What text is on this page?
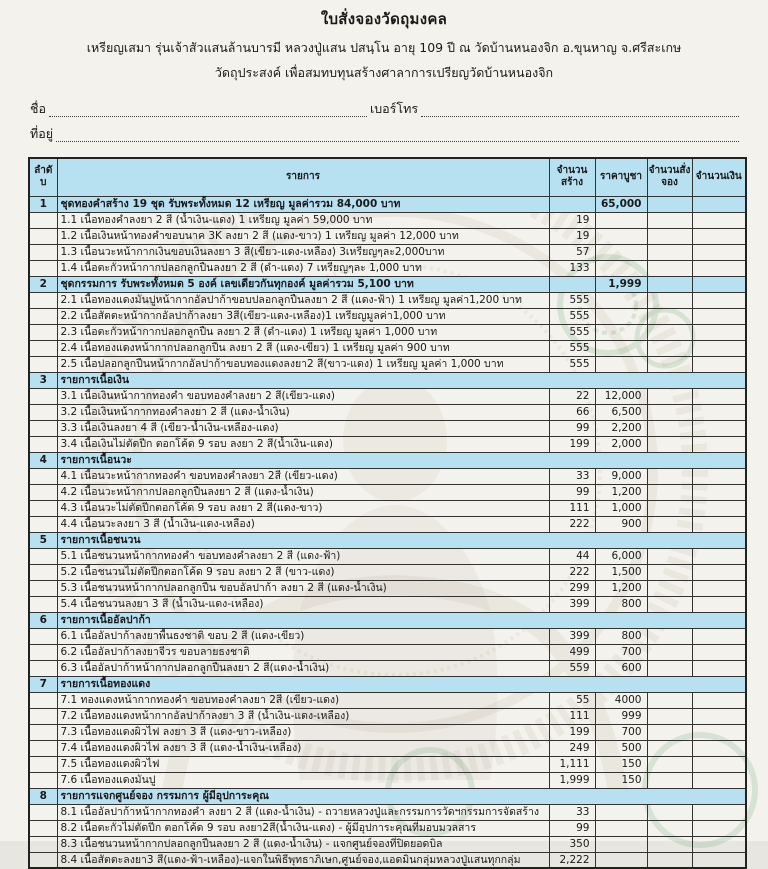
ใบสั่งจองวัดถุมงคล
เหรียญเสมา รุ่นเจ้าสัวแสนล้านบารมี หลวงปู่แสน ปสนฺโน อายุ 109 ปี ณ วัดบ้านหนองจิก อ.ขุนหาญ จ.ศรีสะเกษ
วัดถุประสงค์ เพื่อสมทบทุนสร้างศาลาการเปรียญวัดบ้านหนองจิก
ชื่อ	เบอร์โทร
ที่อยู่
ลำดับ	รายการ	จำนวนสร้าง	ราคาบูชา	จำนวนสั่งจอง	จำนวนเงิน
1	ชุดทองคำสร้าง 19 ชุด รับพระทั้งหมด 12 เหรียญ มูลค่ารวม 84,000 บาท		65,000		
	1.1 เนื้อทองคำลงยา 2 สี (น้ำเงิน-แดง) 1 เหรียญ มูลค่า 59,000 บาท	19			
	1.2 เนื้อเงินหน้าทองคำขอบนาค 3K ลงยา 2 สี (แดง-ขาว) 1 เหรียญ มูลค่า 12,000 บาท	19			
	1.3 เนื้อนวะหน้ากากเงินขอบเงินลงยา 3 สี(เขียว-แดง-เหลือง) 3เหรียญๆละ2,000บาท	57			
	1.4 เนื้อตะกั่วหน้ากากปลอกลูกปืนลงยา 2 สี (ดำ-แดง) 7 เหรียญๆละ 1,000 บาท	133			
2	ชุดกรรมการ รับพระทั้งหมด 5 องค์ เลขเดียวกันทุกองค์ มูลค่ารวม 5,100 บาท		1,999		
	2.1 เนื้อทองแดงมันปูหน้ากากอัลปาก้าขอบปลอกลูกปืนลงยา 2 สี (แดง-ฟ้า) 1 เหรียญ มูลค่า1,200 บาท	555			
	2.2 เนื้อสัตตะหน้ากากอัลปาก้าลงยา 3สี(เขียว-แดง-เหลือง)1 เหรียญมูลค่า1,000 บาท	555			
	2.3 เนื้อตะกั่วหน้ากากปลอกลูกปืน ลงยา 2 สี (ดำ-แดง) 1 เหรียญ มูลค่า 1,000 บาท	555			
	2.4 เนื้อทองแดงหน้ากากปลอกลูกปืน ลงยา 2 สี (แดง-เขียว) 1 เหรียญ มูลค่า 900 บาท	555			
	2.5 เนื้อปลอกลูกปืนหน้ากากอัลปาก้าขอบทองแดงลงยา2 สี(ขาว-แดง) 1 เหรียญ มูลค่า 1,000 บาท	555			
3	รายการเนื้อเงิน				
	3.1 เนื้อเงินหน้ากากทองคำ ขอบทองคำลงยา 2 สี(เขียว-แดง)	22	12,000		
	3.2 เนื้อเงินหน้ากากทองคำลงยา 2 สี (แดง-น้ำเงิน)	66	6,500		
	3.3 เนื้อเงินลงยา 4 สี (เขียว-น้ำเงิน-เหลือง-แดง)	99	2,200		
	3.4 เนื้อเงินไม่ตัดปีก ตอกโค้ด 9 รอบ ลงยา 2 สี(น้ำเงิน-แดง)	199	2,000		
4	รายการเนื้อนวะ				
	4.1 เนื้อนวะหน้ากากทองคำ ขอบทองคำลงยา 2สี (เขียว-แดง)	33	9,000		
	4.2 เนื้อนวะหน้ากากปลอกลูกปืนลงยา 2 สี (แดง-น้ำเงิน)	99	1,200		
	4.3 เนื้อนวะไม่ตัดปีกตอกโค้ด 9 รอบ ลงยา 2 สี(แดง-ขาว)	111	1,000		
	4.4 เนื้อนวะลงยา 3 สี (น้ำเงิน-แดง-เหลือง)	222	900		
5	รายการเนื้อชนวน				
	5.1 เนื้อชนวนหน้ากากทองคำ ขอบทองคำลงยา 2 สี (แดง-ฟ้า)	44	6,000		
	5.2 เนื้อชนวนไม่ตัดปีกตอกโค้ด 9 รอบ ลงยา 2 สี (ขาว-แดง)	222	1,500		
	5.3 เนื้อชนวนหน้ากากปลอกลูกปืน ขอบอัลปาก้า ลงยา 2 สี (แดง-น้ำเงิน)	299	1,200		
	5.4 เนื้อชนวนลงยา 3 สี (น้ำเงิน-แดง-เหลือง)	399	800		
6	รายการเนื้ออัลปาก้า				
	6.1 เนื้ออัลปาก้าลงยาพื้นธงชาติ ขอบ 2 สี (แดง-เขียว)	399	800		
	6.2 เนื้ออัลปาก้าลงยาจีวร ขอบลายธงชาติ	499	700		
	6.3 เนื้ออัลปาก้าหน้ากากปลอกลูกปืนลงยา 2 สี(แดง-น้ำเงิน)	559	600		
7	รายการเนื้อทองแดง				
	7.1 ทองแดงหน้ากากทองคำ ขอบทองคำลงยา 2สี (เขียว-แดง)	55	4000		
	7.2 เนื้อทองแดงหน้ากากอัลปาก้าลงยา 3 สี (น้ำเงิน-แดง-เหลือง)	111	999		
	7.3 เนื้อทองแดงผิวไฟ ลงยา 3 สี (แดง-ขาว-เหลือง)	199	700		
	7.4 เนื้อทองแดงผิวไฟ ลงยา 3 สี (แดง-น้ำเงิน-เหลือง)	249	500		
	7.5 เนื้อทองแดงผิวไฟ	1,111	150		
	7.6 เนื้อทองแดงมันปู	1,999	150		
8	รายการแจกศูนย์จอง กรรมการ ผู้มีอุปการะคุณ				
	8.1 เนื้ออัลปาก้าหน้ากากทองคำ ลงยา 2 สี (แดง-น้ำเงิน) - ถวายหลวงปู่และกรรมการวัดฯกรรมการจัดสร้าง	33			
	8.2 เนื้อตะกั่วไม่ตัดปีก ตอกโค้ด 9 รอบ ลงยา2สี(น้ำเงิน-แดง) - ผู้มีอุปการะคุณที่มอบมวลสาร	99			
	8.3 เนื้อชนวนหน้ากากปลอกลูกปืนลงยา 2 สี (แดง-น้ำเงิน) - แจกศูนย์จองที่ปิดยอดบิล	350			
	8.4 เนื้อสัตตะลงยา3 สี(แดง-ฟ้า-เหลือง)-แจกในพิธีพุทธาภิเษก,ศูนย์จอง,แอดมินกลุ่มหลวงปู่แสนทุกกลุ่ม	2,222			
